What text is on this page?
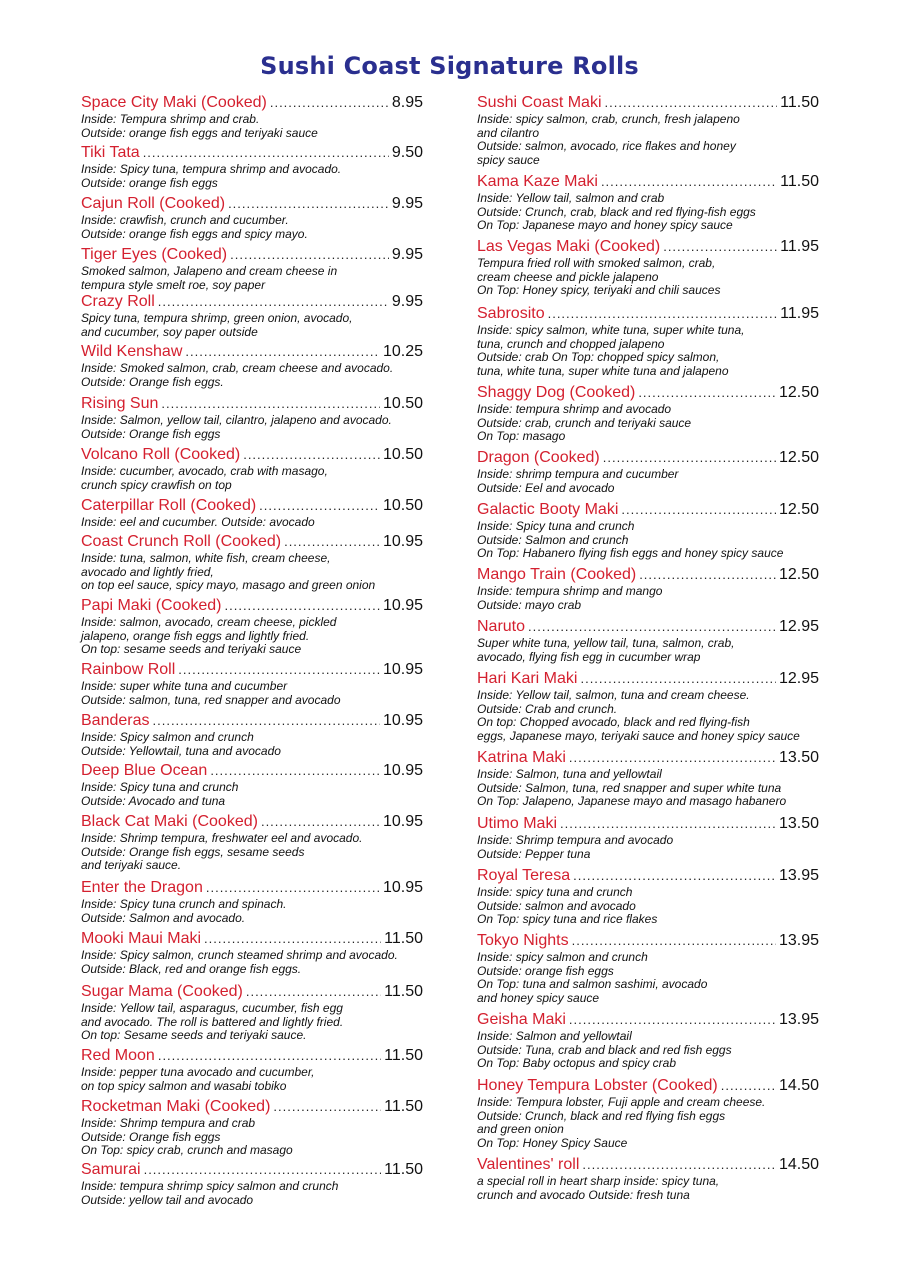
Sushi Coast Signature Rolls
Space City Maki (Cooked) .....	8.95
Inside: Tempura shrimp and crab.
Outside: orange fish eggs and teriyaki sauce
Tiki Tata .....	9.50
Inside: Spicy tuna, tempura shrimp and avocado.
Outside: orange fish eggs
Cajun Roll (Cooked) .....	9.95
Inside: crawfish, crunch and cucumber.
Outside: orange fish eggs and spicy mayo.
Tiger Eyes (Cooked) .....	9.95
Smoked salmon, Jalapeno and cream cheese in
tempura style smelt roe, soy paper
Crazy Roll .....	9.95
Spicy tuna, tempura shrimp, green onion, avocado,
and cucumber, soy paper outside
Wild Kenshaw .....	10.25
Inside: Smoked salmon, crab, cream cheese and avocado.
Outside: Orange fish eggs.
Rising Sun .....	10.50
Inside: Salmon, yellow tail, cilantro, jalapeno and avocado.
Outside: Orange fish eggs
Volcano Roll (Cooked) .....	10.50
Inside: cucumber, avocado, crab with masago,
crunch spicy crawfish on top
Caterpillar Roll (Cooked) .....	10.50
Inside: eel and cucumber. Outside: avocado
Coast Crunch Roll (Cooked) .....	10.95
Inside: tuna, salmon, white fish, cream cheese,
avocado and lightly fried,
on top eel sauce, spicy mayo, masago and green onion
Papi Maki (Cooked) .....	10.95
Inside: salmon, avocado, cream cheese, pickled
jalapeno, orange fish eggs and lightly fried.
On top: sesame seeds and teriyaki sauce
Rainbow Roll .....	10.95
Inside: super white tuna and cucumber
Outside: salmon, tuna, red snapper and avocado
Banderas .....	10.95
Inside: Spicy salmon and crunch
Outside: Yellowtail, tuna and avocado
Deep Blue Ocean .....	10.95
Inside: Spicy tuna and crunch
Outside: Avocado and tuna
Black Cat Maki (Cooked) .....	10.95
Inside: Shrimp tempura, freshwater eel and avocado.
Outside: Orange fish eggs, sesame seeds
and teriyaki sauce.
Enter the Dragon .....	10.95
Inside: Spicy tuna crunch and spinach.
Outside: Salmon and avocado.
Mooki Maui Maki .....	11.50
Inside: Spicy salmon, crunch steamed shrimp and avocado.
Outside: Black, red and orange fish eggs.
Sugar Mama (Cooked) .....	11.50
Inside: Yellow tail, asparagus, cucumber, fish egg
and avocado. The roll is battered and lightly fried.
On top: Sesame seeds and teriyaki sauce.
Red Moon .....	11.50
Inside: pepper tuna avocado and cucumber,
on top spicy salmon and wasabi tobiko
Rocketman Maki (Cooked) .....	11.50
Inside: Shrimp tempura and crab
Outside: Orange fish eggs
On Top: spicy crab, crunch and masago
Samurai .....	11.50
Inside: tempura shrimp spicy salmon and crunch
Outside: yellow tail and avocado
Sushi Coast Maki .....	11.50
Inside: spicy salmon, crab, crunch, fresh jalapeno
and cilantro
Outside: salmon, avocado, rice flakes and honey
spicy sauce
Kama Kaze Maki .....	11.50
Inside: Yellow tail, salmon and crab
Outside: Crunch, crab, black and red flying-fish eggs
On Top: Japanese mayo and honey spicy sauce
Las Vegas Maki (Cooked) .....	11.95
Tempura fried roll with smoked salmon, crab,
cream cheese and pickle jalapeno
On Top: Honey spicy, teriyaki and chili sauces
Sabrosito .....	11.95
Inside: spicy salmon, white tuna, super white tuna,
tuna, crunch and chopped jalapeno
Outside: crab On Top: chopped spicy salmon,
tuna, white tuna, super white tuna and jalapeno
Shaggy Dog (Cooked) .....	12.50
Inside: tempura shrimp and avocado
Outside: crab, crunch and teriyaki sauce
On Top: masago
Dragon (Cooked) .....	12.50
Inside: shrimp tempura and cucumber
Outside: Eel and avocado
Galactic Booty Maki .....	12.50
Inside: Spicy tuna and crunch
Outside: Salmon and crunch
On Top: Habanero flying fish eggs and honey spicy sauce
Mango Train (Cooked) .....	12.50
Inside: tempura shrimp and mango
Outside: mayo crab
Naruto .....	12.95
Super white tuna, yellow tail, tuna, salmon, crab,
avocado, flying fish egg in cucumber wrap
Hari Kari Maki .....	12.95
Inside: Yellow tail, salmon, tuna and cream cheese.
Outside: Crab and crunch.
On top: Chopped avocado, black and red flying-fish
eggs, Japanese mayo, teriyaki sauce and honey spicy sauce
Katrina Maki .....	13.50
Inside: Salmon, tuna and yellowtail
Outside: Salmon, tuna, red snapper and super white tuna
On Top: Jalapeno, Japanese mayo and masago habanero
Utimo Maki .....	13.50
Inside: Shrimp tempura and avocado
Outside: Pepper tuna
Royal Teresa .....	13.95
Inside: spicy tuna and crunch
Outside: salmon and avocado
On Top: spicy tuna and rice flakes
Tokyo Nights .....	13.95
Inside: spicy salmon and crunch
Outside: orange fish eggs
On Top: tuna and salmon sashimi, avocado
and honey spicy sauce
Geisha Maki .....	13.95
Inside: Salmon and yellowtail
Outside: Tuna, crab and black and red fish eggs
On Top: Baby octopus and spicy crab
Honey Tempura Lobster (Cooked) .....	14.50
Inside: Tempura lobster, Fuji apple and cream cheese.
Outside: Crunch, black and red flying fish eggs
and green onion
On Top: Honey Spicy Sauce
Valentines' roll .....	14.50
a special roll in heart sharp inside: spicy tuna,
crunch and avocado Outside: fresh tuna
